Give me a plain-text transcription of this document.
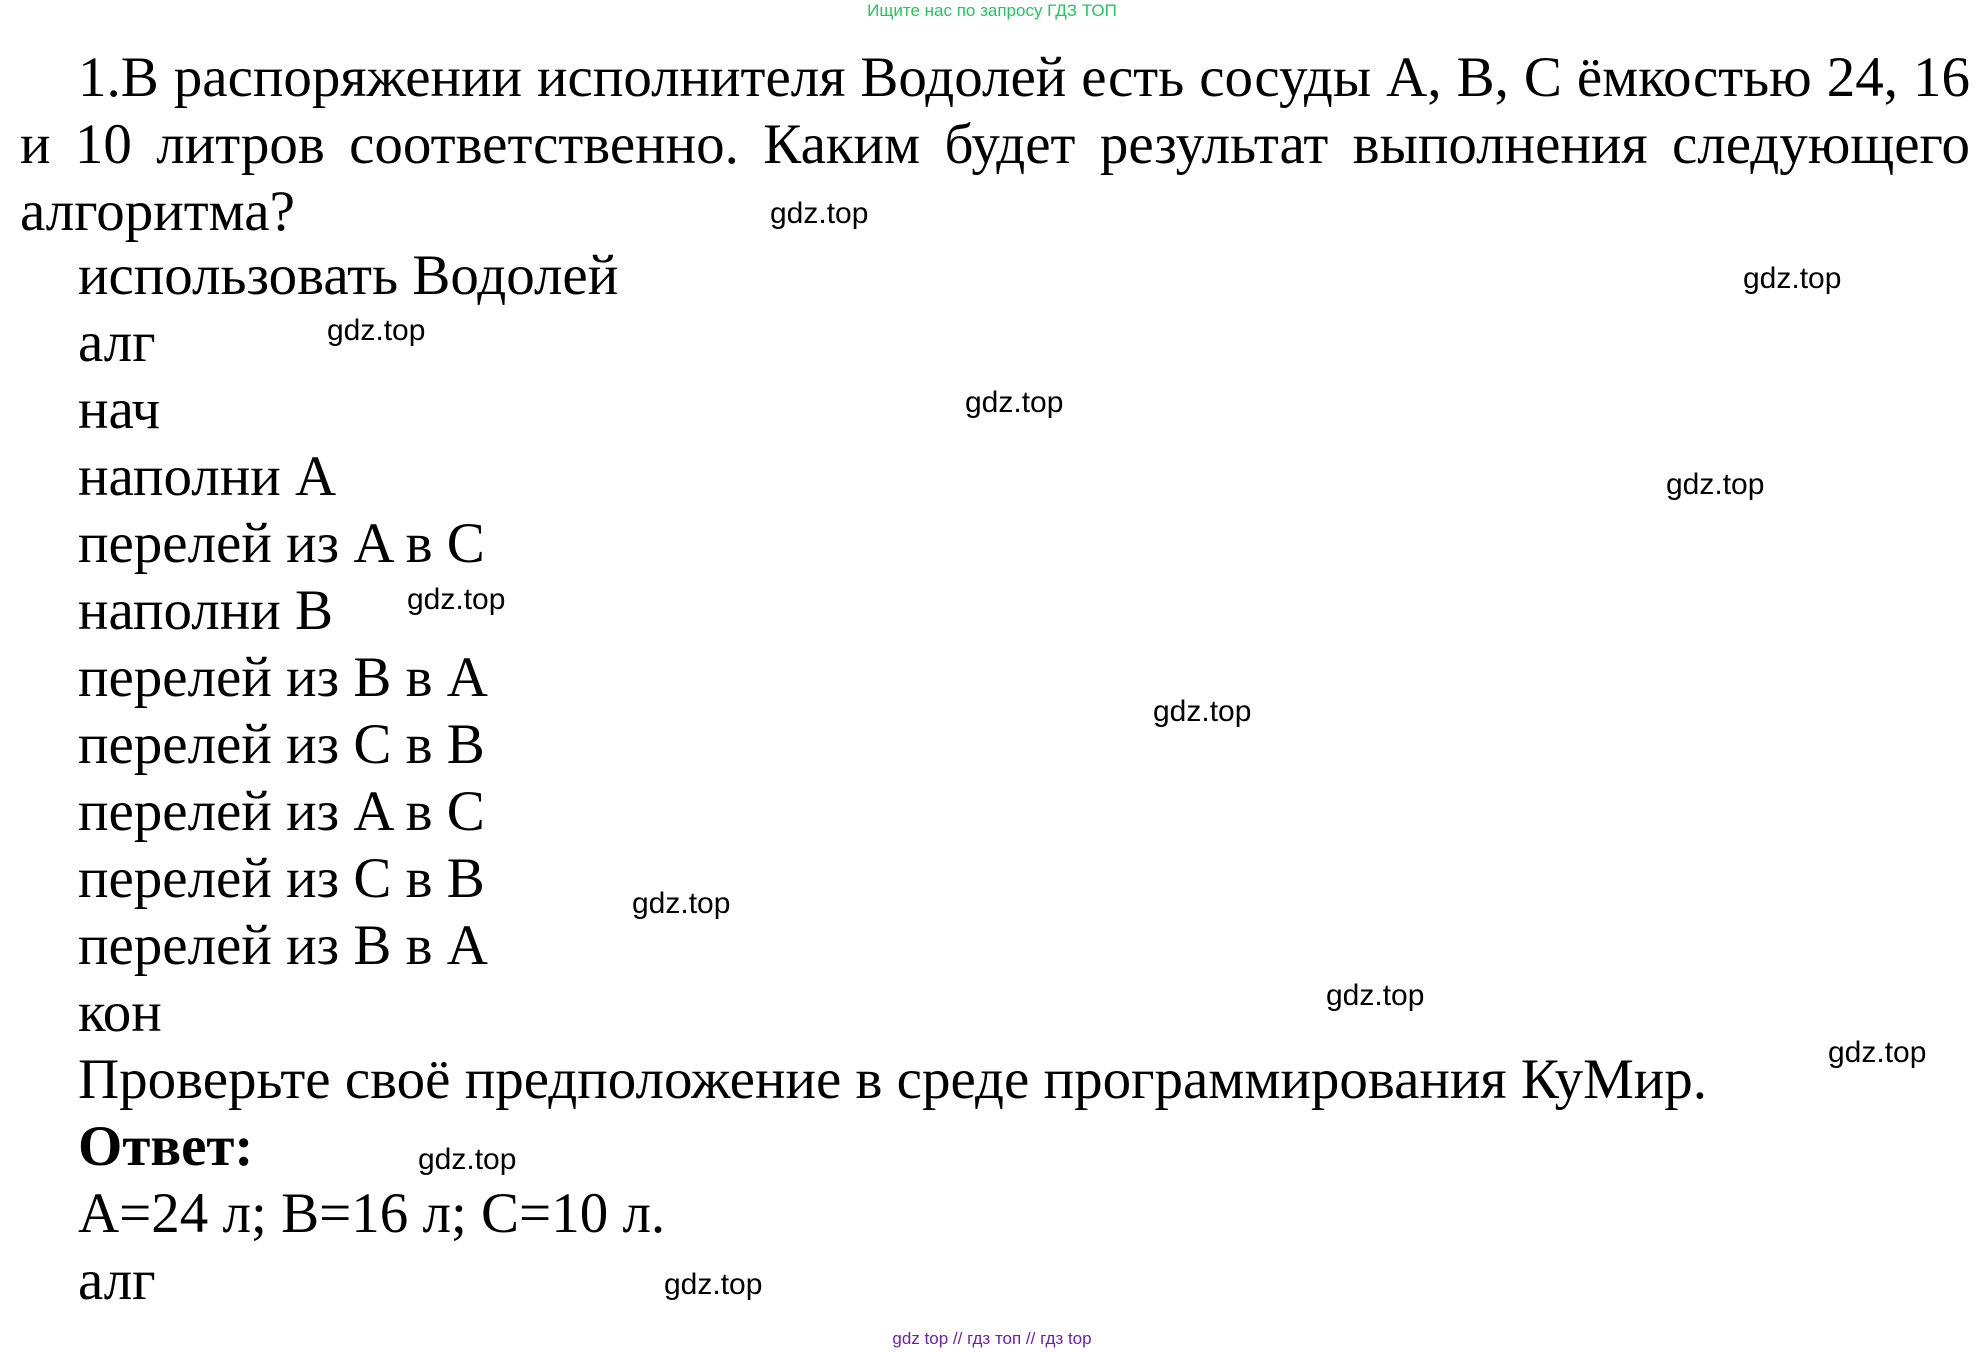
Ищите нас по запросу ГДЗ ТОП

1.В распоряжении исполнителя Водолей есть сосуды A, B, C ёмкостью 24, 16 и 10 литров соответственно. Каким будет результат выполнения следующего алгоритма?

использовать Водолей
алг
нач
наполни A
перелей из A в C
наполни B
перелей из B в A
перелей из C в B
перелей из A в C
перелей из C в B
перелей из B в A
кон
Проверьте своё предположение в среде программирования КуМир.
Ответ:
A=24 л; B=16 л; C=10 л.
алг
gdz.top
gdz.top
gdz.top
gdz.top
gdz.top
gdz.top
gdz.top
gdz.top
gdz.top
gdz.top
gdz.top
gdz.top
gdz top // гдз топ // гдз top
